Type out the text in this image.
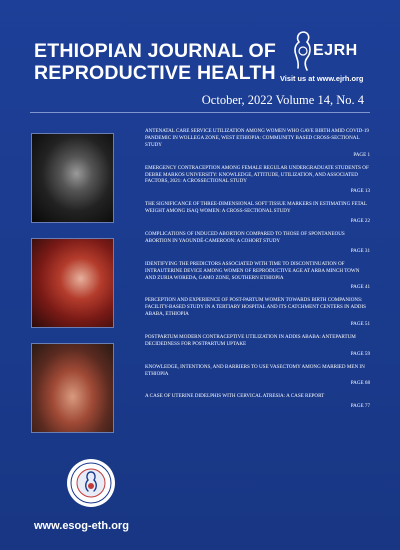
ETHIOPIAN JOURNAL OF
REPRODUCTIVE HEALTH
EJRH
Visit us at www.ejrh.org
October, 2022 Volume 14, No. 4
ANTENATAL CARE SERVICE UTILIZATION AMONG WOMEN WHO GAVE BIRTH AMID COVID-19 PANDEMIC IN WOLLEGA ZONE, WEST ETHIOPIA: COMMUNITY BASED CROSS-SECTIONAL STUDY
PAGE 1
EMERGENCY CONTRACEPTION AMONG FEMALE REGULAR UNDERGRADUATE STUDENTS OF DEBRE MARKOS UNIVERSITY: KNOWLEDGE, ATTITUDE, UTILIZATION, AND ASSOCIATED FACTORS, 2021: A CROSSECTIONAL STUDY
PAGE 13
THE SIGNIFICANCE OF THREE-DIMENSIONAL SOFT TISSUE MARKERS IN ESTIMATING FETAL WEIGHT AMONG ISAQ WOMEN: A CROSS-SECTIONAL STUDY
PAGE 22
COMPLICATIONS OF INDUCED ABORTION COMPARED TO THOSE OF SPONTANEOUS ABORTION IN YAOUNDÉ-CAMEROON: A COHORT STUDY
PAGE 31
IDENTIFYING THE PREDICTORS ASSOCIATED WITH TIME TO DISCONTINUATION OF INTRAUTERINE DEVICE AMONG WOMEN OF REPRODUCTIVE AGE AT ARBA MINCH TOWN AND ZURIA WOREDA, GAMO ZONE, SOUTHERN ETHIOPIA
PAGE 41
PERCEPTION AND EXPERIENCE OF POST-PARTUM WOMEN TOWARDS BIRTH COMPANIONS: FACILITY-BASED STUDY IN A TERTIARY HOSPITAL AND ITS CATCHMENT CENTERS IN ADDIS ABABA, ETHIOPIA
PAGE 51
POSTPARTUM MODERN CONTRACEPTIVE UTILIZATION IN ADDIS ABABA: ANTEPARTUM DECIDEDNESS FOR POSTPARTUM UPTAKE
PAGE 59
KNOWLEDGE, INTENTIONS, AND BARRIERS TO USE VASECTOMY AMONG MARRIED MEN IN ETHIOPIA
PAGE 68
A CASE OF UTERINE DIDELPHIS WITH CERVICAL ATRESIA: A CASE REPORT
PAGE 77
www.esog-eth.org
